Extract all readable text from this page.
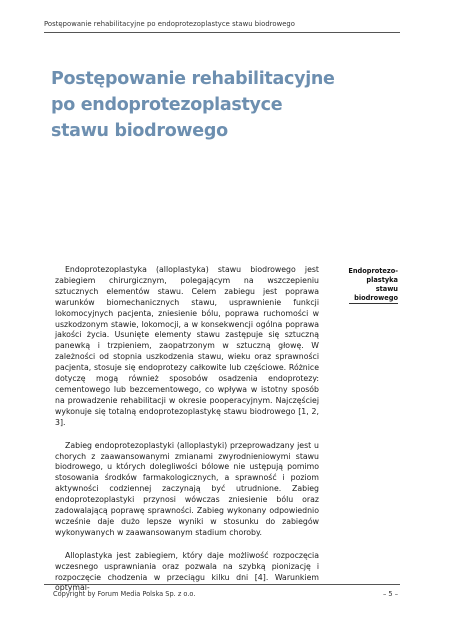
Postępowanie rehabilitacyjne po endoprotezoplastyce stawu biodrowego
Postępowanie rehabilitacyjne
po endoprotezoplastyce
stawu biodrowego
Endoprotezo-
plastyka
stawu
biodrowego

Endoprotezoplastyka (alloplastyka) stawu biodrowego jest zabiegiem chirurgicznym, polegającym na wszczepieniu sztucznych elementów stawu. Celem zabiegu jest poprawa warunków biomechanicznych stawu, usprawnienie funkcji lokomocyjnych pacjenta, zniesienie bólu, poprawa ruchomości w uszkodzonym stawie, lokomocji, a w konsekwencji ogólna poprawa jakości życia. Usunięte elementy stawu zastępuje się sztuczną panewką i trzpieniem, zaopatrzonym w sztuczną głowę. W zależności od stopnia uszkodzenia stawu, wieku oraz sprawności pacjenta, stosuje się endoprotezy całkowite lub częściowe. Różnice dotyczę mogą również sposobów osadzenia endoprotezy: cementowego lub bezcementowego, co wpływa w istotny sposób na prowadzenie rehabilitacji w okresie pooperacyjnym. Najczęściej wykonuje się totalną endoprotezoplastykę stawu biodrowego [1, 2, 3].

Zabieg endoprotezoplastyki (alloplastyki) przeprowadzany jest u chorych z zaawansowanymi zmianami zwyrodnieniowymi stawu biodrowego, u których dolegliwości bólowe nie ustępują pomimo stosowania środków farmakologicznych, a sprawność i poziom aktywności codziennej zaczynają być utrudnione. Zabieg endoprotezoplastyki przynosi wówczas zniesienie bólu oraz zadowalającą poprawę sprawności. Zabieg wykonany odpowiednio wcześnie daje dużo lepsze wyniki w stosunku do zabiegów wykonywanych w zaawansowanym stadium choroby.

Alloplastyka jest zabiegiem, który daje możliwość rozpoczęcia wczesnego usprawniania oraz pozwala na szybką pionizację i rozpoczęcie chodzenia w przeciągu kilku dni [4]. Warunkiem optymal-

Copyright by Forum Media Polska Sp. z o.o.	– 5 –
